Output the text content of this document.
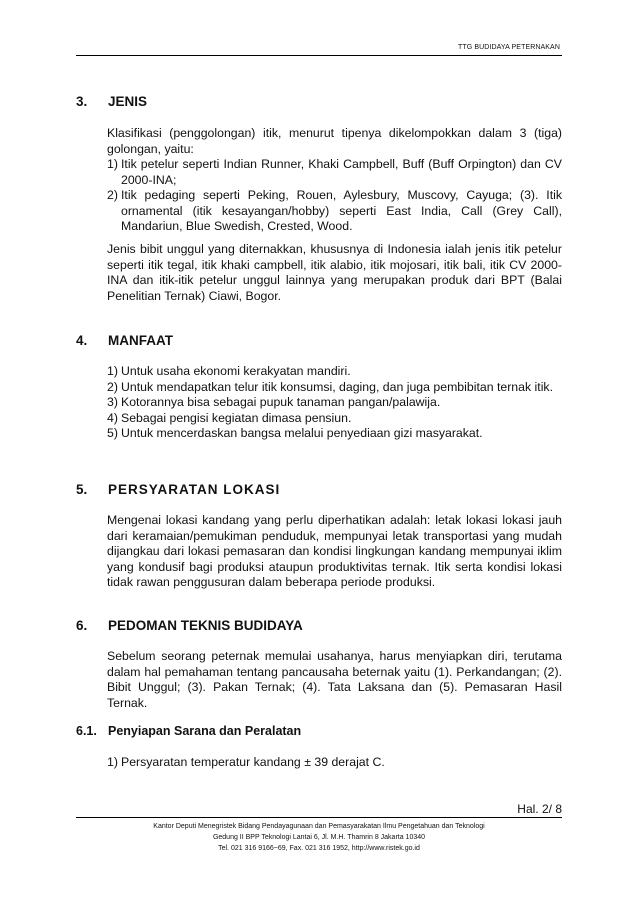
TTG BUDIDAYA PETERNAKAN
3. JENIS

Klasifikasi (penggolongan) itik, menurut tipenya dikelompokkan dalam 3 (tiga) golongan, yaitu:

1) Itik petelur seperti Indian Runner, Khaki Campbell, Buff (Buff Orpington) dan CV 2000-INA;
2) Itik pedaging seperti Peking, Rouen, Aylesbury, Muscovy, Cayuga; (3). Itik ornamental (itik kesayangan/hobby) seperti East India, Call (Grey Call), Mandariun, Blue Swedish, Crested, Wood.

Jenis bibit unggul yang diternakkan, khususnya di Indonesia ialah jenis itik petelur seperti itik tegal, itik khaki campbell, itik alabio, itik mojosari, itik bali, itik CV 2000-INA dan itik-itik petelur unggul lainnya yang merupakan produk dari BPT (Balai Penelitian Ternak) Ciawi, Bogor.

4. MANFAAT
1) Untuk usaha ekonomi kerakyatan mandiri.
2) Untuk mendapatkan telur itik konsumsi, daging, dan juga pembibitan ternak itik.
3) Kotorannya bisa sebagai pupuk tanaman pangan/palawija.
4) Sebagai pengisi kegiatan dimasa pensiun.
5) Untuk mencerdaskan bangsa melalui penyediaan gizi masyarakat.
5. PERSYARATAN LOKASI

Mengenai lokasi kandang yang perlu diperhatikan adalah: letak lokasi lokasi jauh dari keramaian/pemukiman penduduk, mempunyai letak transportasi yang mudah dijangkau dari lokasi pemasaran dan kondisi lingkungan kandang mempunyai iklim yang kondusif bagi produksi ataupun produktivitas ternak. Itik serta kondisi lokasi tidak rawan penggusuran dalam beberapa periode produksi.

6. PEDOMAN TEKNIS BUDIDAYA

Sebelum seorang peternak memulai usahanya, harus menyiapkan diri, terutama dalam hal pemahaman tentang pancausaha beternak yaitu (1). Perkandangan; (2). Bibit Unggul; (3). Pakan Ternak; (4). Tata Laksana dan (5). Pemasaran Hasil Ternak.

6.1. Penyiapan Sarana dan Peralatan
1) Persyaratan temperatur kandang ± 39 derajat C.
Hal. 2/ 8
Kantor Deputi Menegristek Bidang Pendayagunaan dan Pemasyarakatan Ilmu Pengetahuan dan Teknologi
Gedung II BPP Teknologi Lantai 6, Jl. M.H. Thamrin 8 Jakarta 10340
Tel. 021 316 9166~69, Fax. 021 316 1952, http://www.ristek.go.id
